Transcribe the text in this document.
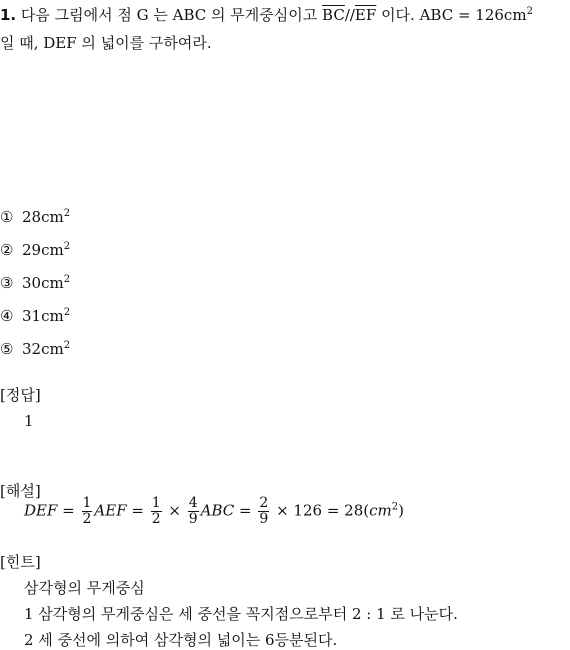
1. 다음 그림에서 점 G 는 ABC 의 무게중심이고 $\overline{BC}//\overline{EF}$ 이다. ABC = $126cm^2$
일 때, DEF 의 넓이를 구하여라.
① $28cm^2$
② $29cm^2$
③ $30cm^2$
④ $31cm^2$
⑤ $32cm^2$
[정답]
1
[해설]
DEF = $\frac{1}{2}$ AEF = $\frac{1}{2} \times \frac{4}{9}$ ABC = $\frac{2}{9} \times 126 = 28(cm^2)$
[힌트]
삼각형의 무게중심
1 삼각형의 무게중심은 세 중선을 꼭지점으로부터 2 : 1 로 나눈다.
2 세 중선에 의하여 삼각형의 넓이는 6등분된다.
